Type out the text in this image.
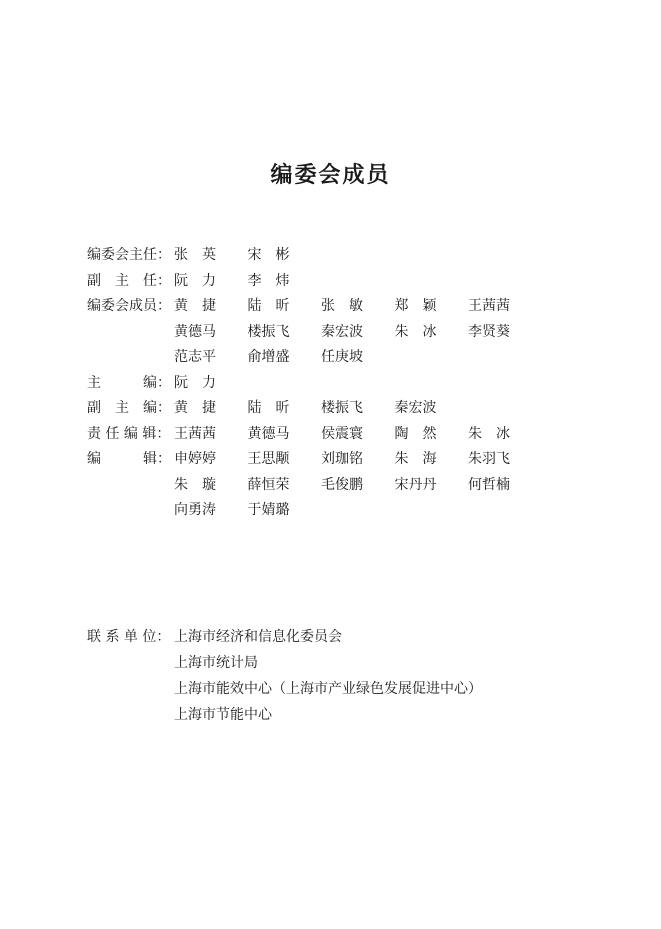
编委会成员
编委会主任： 张　英	宋　彬
副　主　任： 阮　力	李　炜
编委会成员： 黄　捷	陆　昕	张　敏	郑　颖	王茜茜
黄德马	楼振飞	秦宏波	朱　冰	李贤葵
范志平	俞增盛	任庚坡
主　　　编： 阮　力
副　主　编： 黄　捷	陆　昕	楼振飞	秦宏波
责 任 编 辑： 王茜茜	黄德马	侯震寰	陶　然	朱　冰
编　　　辑： 申婷婷	王思颙	刘珈铭	朱　海	朱羽飞
朱　璇	薛恒荣	毛俊鹏	宋丹丹	何哲楠
向勇涛	于婧璐
联 系 单 位： 上海市经济和信息化委员会
上海市统计局
上海市能效中心（上海市产业绿色发展促进中心）
上海市节能中心
